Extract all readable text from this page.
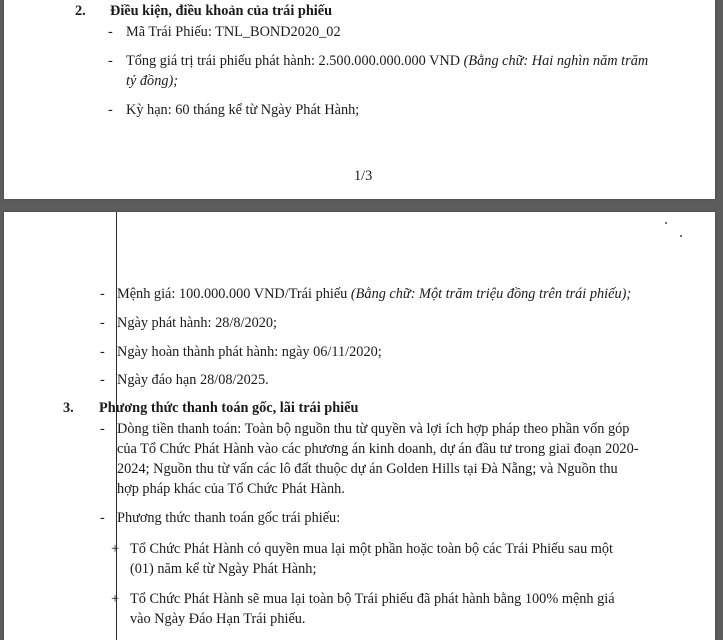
2. Điều kiện, điều khoản của trái phiếu
- Mã Trái Phiếu: TNL_BOND2020_02
- Tổng giá trị trái phiếu phát hành: 2.500.000.000.000 VND (Bằng chữ: Hai nghìn năm trăm
tỷ đồng);
- Kỳ hạn: 60 tháng kể từ Ngày Phát Hành;
1/3
- Mệnh giá: 100.000.000 VND/Trái phiếu (Bằng chữ: Một trăm triệu đồng trên trái phiếu);
- Ngày phát hành: 28/8/2020;
- Ngày hoàn thành phát hành: ngày 06/11/2020;
- Ngày đáo hạn 28/08/2025.
3. Phương thức thanh toán gốc, lãi trái phiếu
- Dòng tiền thanh toán: Toàn bộ nguồn thu từ quyền và lợi ích hợp pháp theo phần vốn góp
của Tổ Chức Phát Hành vào các phương án kinh doanh, dự án đầu tư trong giai đoạn 2020-
2024; Nguồn thu từ vấn các lô đất thuộc dự án Golden Hills tại Đà Nẵng; và Nguồn thu
hợp pháp khác của Tổ Chức Phát Hành.
- Phương thức thanh toán gốc trái phiếu:
+ Tổ Chức Phát Hành có quyền mua lại một phần hoặc toàn bộ các Trái Phiếu sau một
(01) năm kể từ Ngày Phát Hành;
+ Tổ Chức Phát Hành sẽ mua lại toàn bộ Trái phiếu đã phát hành bằng 100% mệnh giá
vào Ngày Đáo Hạn Trái phiếu.
